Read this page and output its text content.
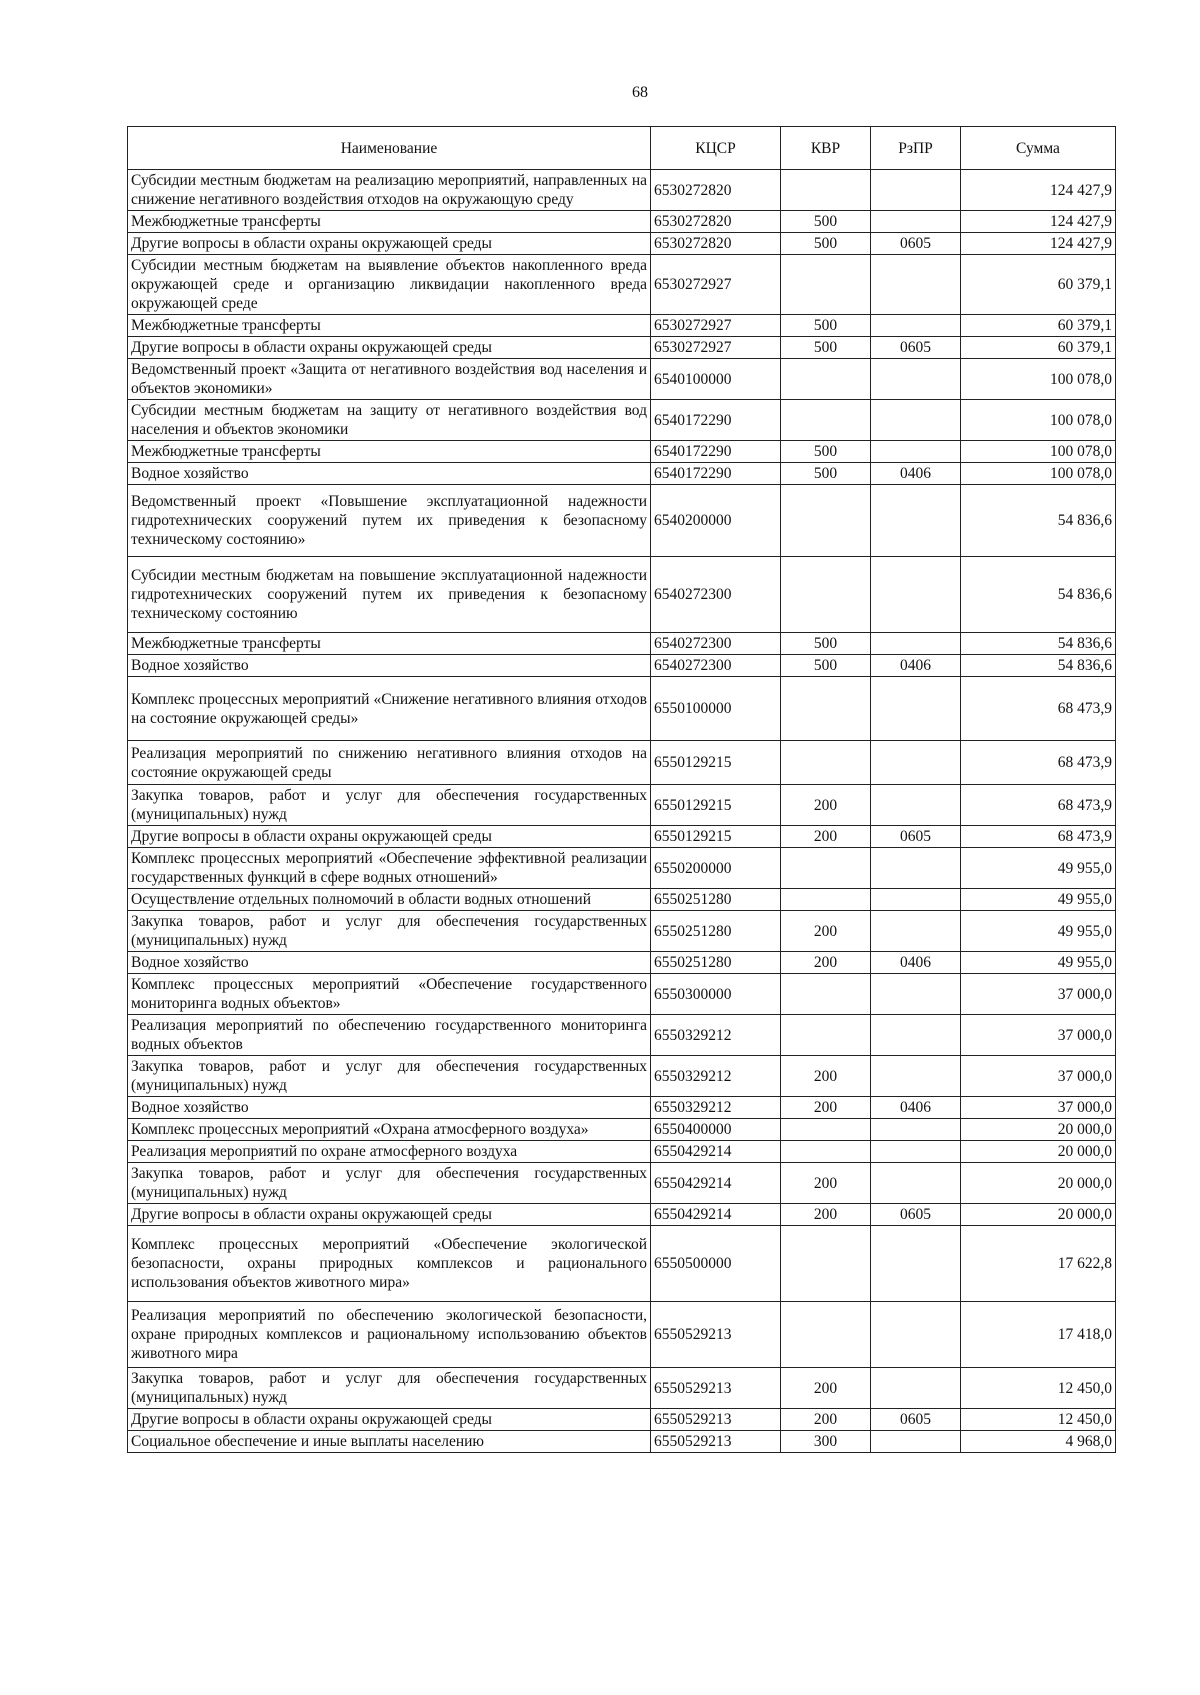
68
Наименование	КЦСР	КВР	РзПР	Сумма
Субсидии местным бюджетам на реализацию мероприятий, направленных на снижение негативного воздействия отходов на окружающую среду	6530272820			124 427,9
Межбюджетные трансферты	6530272820	500		124 427,9
Другие вопросы в области охраны окружающей среды	6530272820	500	0605	124 427,9
Субсидии местным бюджетам на выявление объектов накопленного вреда окружающей среде и организацию ликвидации накопленного вреда окружающей среде	6530272927			60 379,1
Межбюджетные трансферты	6530272927	500		60 379,1
Другие вопросы в области охраны окружающей среды	6530272927	500	0605	60 379,1
Ведомственный проект «Защита от негативного воздействия вод населения и объектов экономики»	6540100000			100 078,0
Субсидии местным бюджетам на защиту от негативного воздействия вод населения и объектов экономики	6540172290			100 078,0
Межбюджетные трансферты	6540172290	500		100 078,0
Водное хозяйство	6540172290	500	0406	100 078,0
Ведомственный проект «Повышение эксплуатационной надежности гидротехнических сооружений путем их приведения к безопасному техническому состоянию»	6540200000			54 836,6
Субсидии местным бюджетам на повышение эксплуатационной надежности гидротехнических сооружений путем их приведения к безопасному техническому состоянию	6540272300			54 836,6
Межбюджетные трансферты	6540272300	500		54 836,6
Водное хозяйство	6540272300	500	0406	54 836,6
Комплекс процессных мероприятий «Снижение негативного влияния отходов на состояние окружающей среды»	6550100000			68 473,9
Реализация мероприятий по снижению негативного влияния отходов на состояние окружающей среды	6550129215			68 473,9
Закупка товаров, работ и услуг для обеспечения государственных (муниципальных) нужд	6550129215	200		68 473,9
Другие вопросы в области охраны окружающей среды	6550129215	200	0605	68 473,9
Комплекс процессных мероприятий «Обеспечение эффективной реализации государственных функций в сфере водных отношений»	6550200000			49 955,0
Осуществление отдельных полномочий в области водных отношений	6550251280			49 955,0
Закупка товаров, работ и услуг для обеспечения государственных (муниципальных) нужд	6550251280	200		49 955,0
Водное хозяйство	6550251280	200	0406	49 955,0
Комплекс процессных мероприятий «Обеспечение государственного мониторинга водных объектов»	6550300000			37 000,0
Реализация мероприятий по обеспечению государственного мониторинга водных объектов	6550329212			37 000,0
Закупка товаров, работ и услуг для обеспечения государственных (муниципальных) нужд	6550329212	200		37 000,0
Водное хозяйство	6550329212	200	0406	37 000,0
Комплекс процессных мероприятий «Охрана атмосферного воздуха»	6550400000			20 000,0
Реализация мероприятий по охране атмосферного воздуха	6550429214			20 000,0
Закупка товаров, работ и услуг для обеспечения государственных (муниципальных) нужд	6550429214	200		20 000,0
Другие вопросы в области охраны окружающей среды	6550429214	200	0605	20 000,0
Комплекс процессных мероприятий «Обеспечение экологической безопасности, охраны природных комплексов и рационального использования объектов животного мира»	6550500000			17 622,8
Реализация мероприятий по обеспечению экологической безопасности, охране природных комплексов и рациональному использованию объектов животного мира	6550529213			17 418,0
Закупка товаров, работ и услуг для обеспечения государственных (муниципальных) нужд	6550529213	200		12 450,0
Другие вопросы в области охраны окружающей среды	6550529213	200	0605	12 450,0
Социальное обеспечение и иные выплаты населению	6550529213	300		4 968,0
